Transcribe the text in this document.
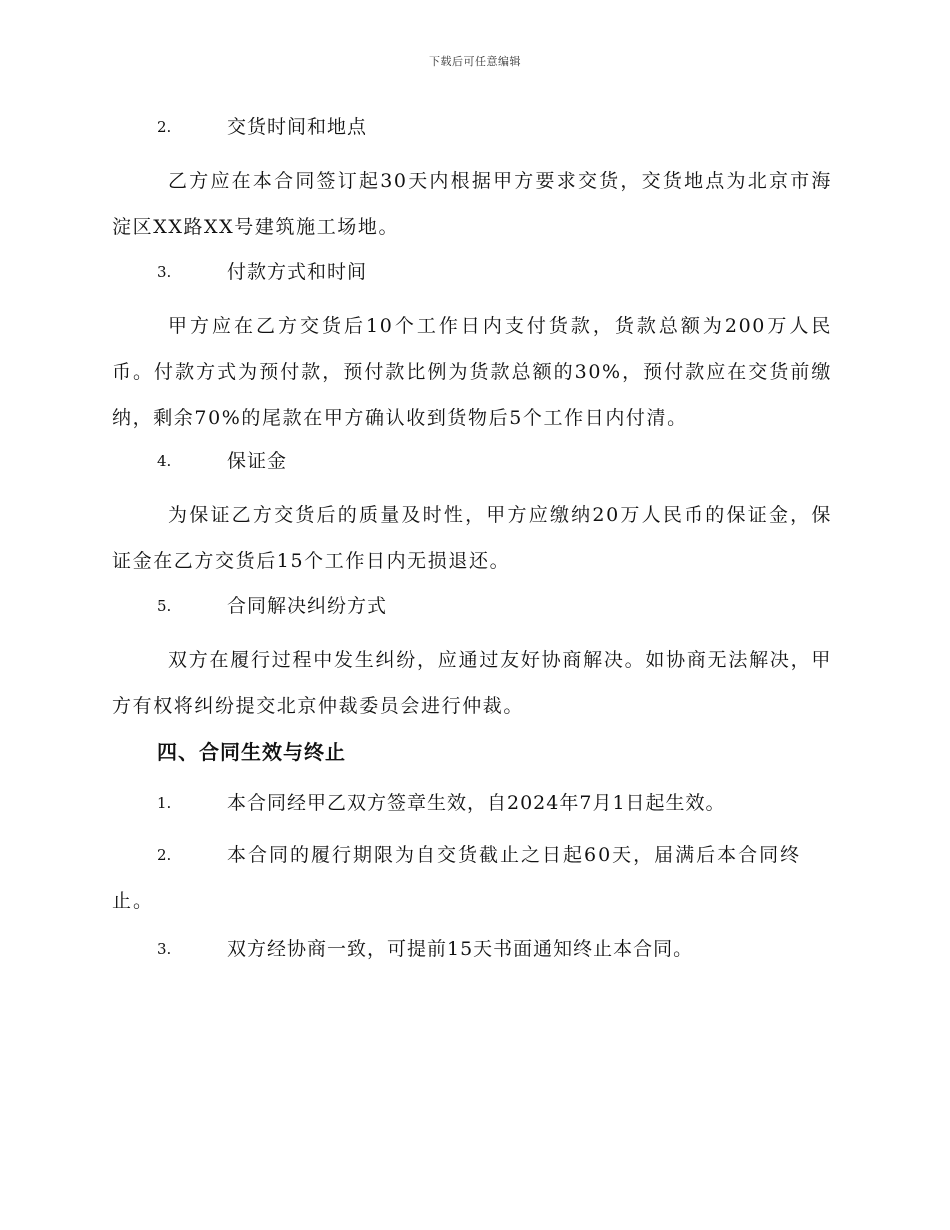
下载后可任意编辑
2.	交货时间和地点
乙方应在本合同签订起30天内根据甲方要求交货，交货地点为北京市海淀区XX路XX号建筑施工场地。
3.	付款方式和时间
甲方应在乙方交货后10个工作日内支付货款，货款总额为200万人民币。付款方式为预付款，预付款比例为货款总额的30%，预付款应在交货前缴纳，剩余70%的尾款在甲方确认收到货物后5个工作日内付清。
4.	保证金
为保证乙方交货后的质量及时性，甲方应缴纳20万人民币的保证金，保证金在乙方交货后15个工作日内无损退还。
5.	合同解决纠纷方式
双方在履行过程中发生纠纷，应通过友好协商解决。如协商无法解决，甲方有权将纠纷提交北京仲裁委员会进行仲裁。
四、合同生效与终止
1.	本合同经甲乙双方签章生效，自2024年7月1日起生效。
2.	本合同的履行期限为自交货截止之日起60天，届满后本合同终止。
3.	双方经协商一致，可提前15天书面通知终止本合同。
